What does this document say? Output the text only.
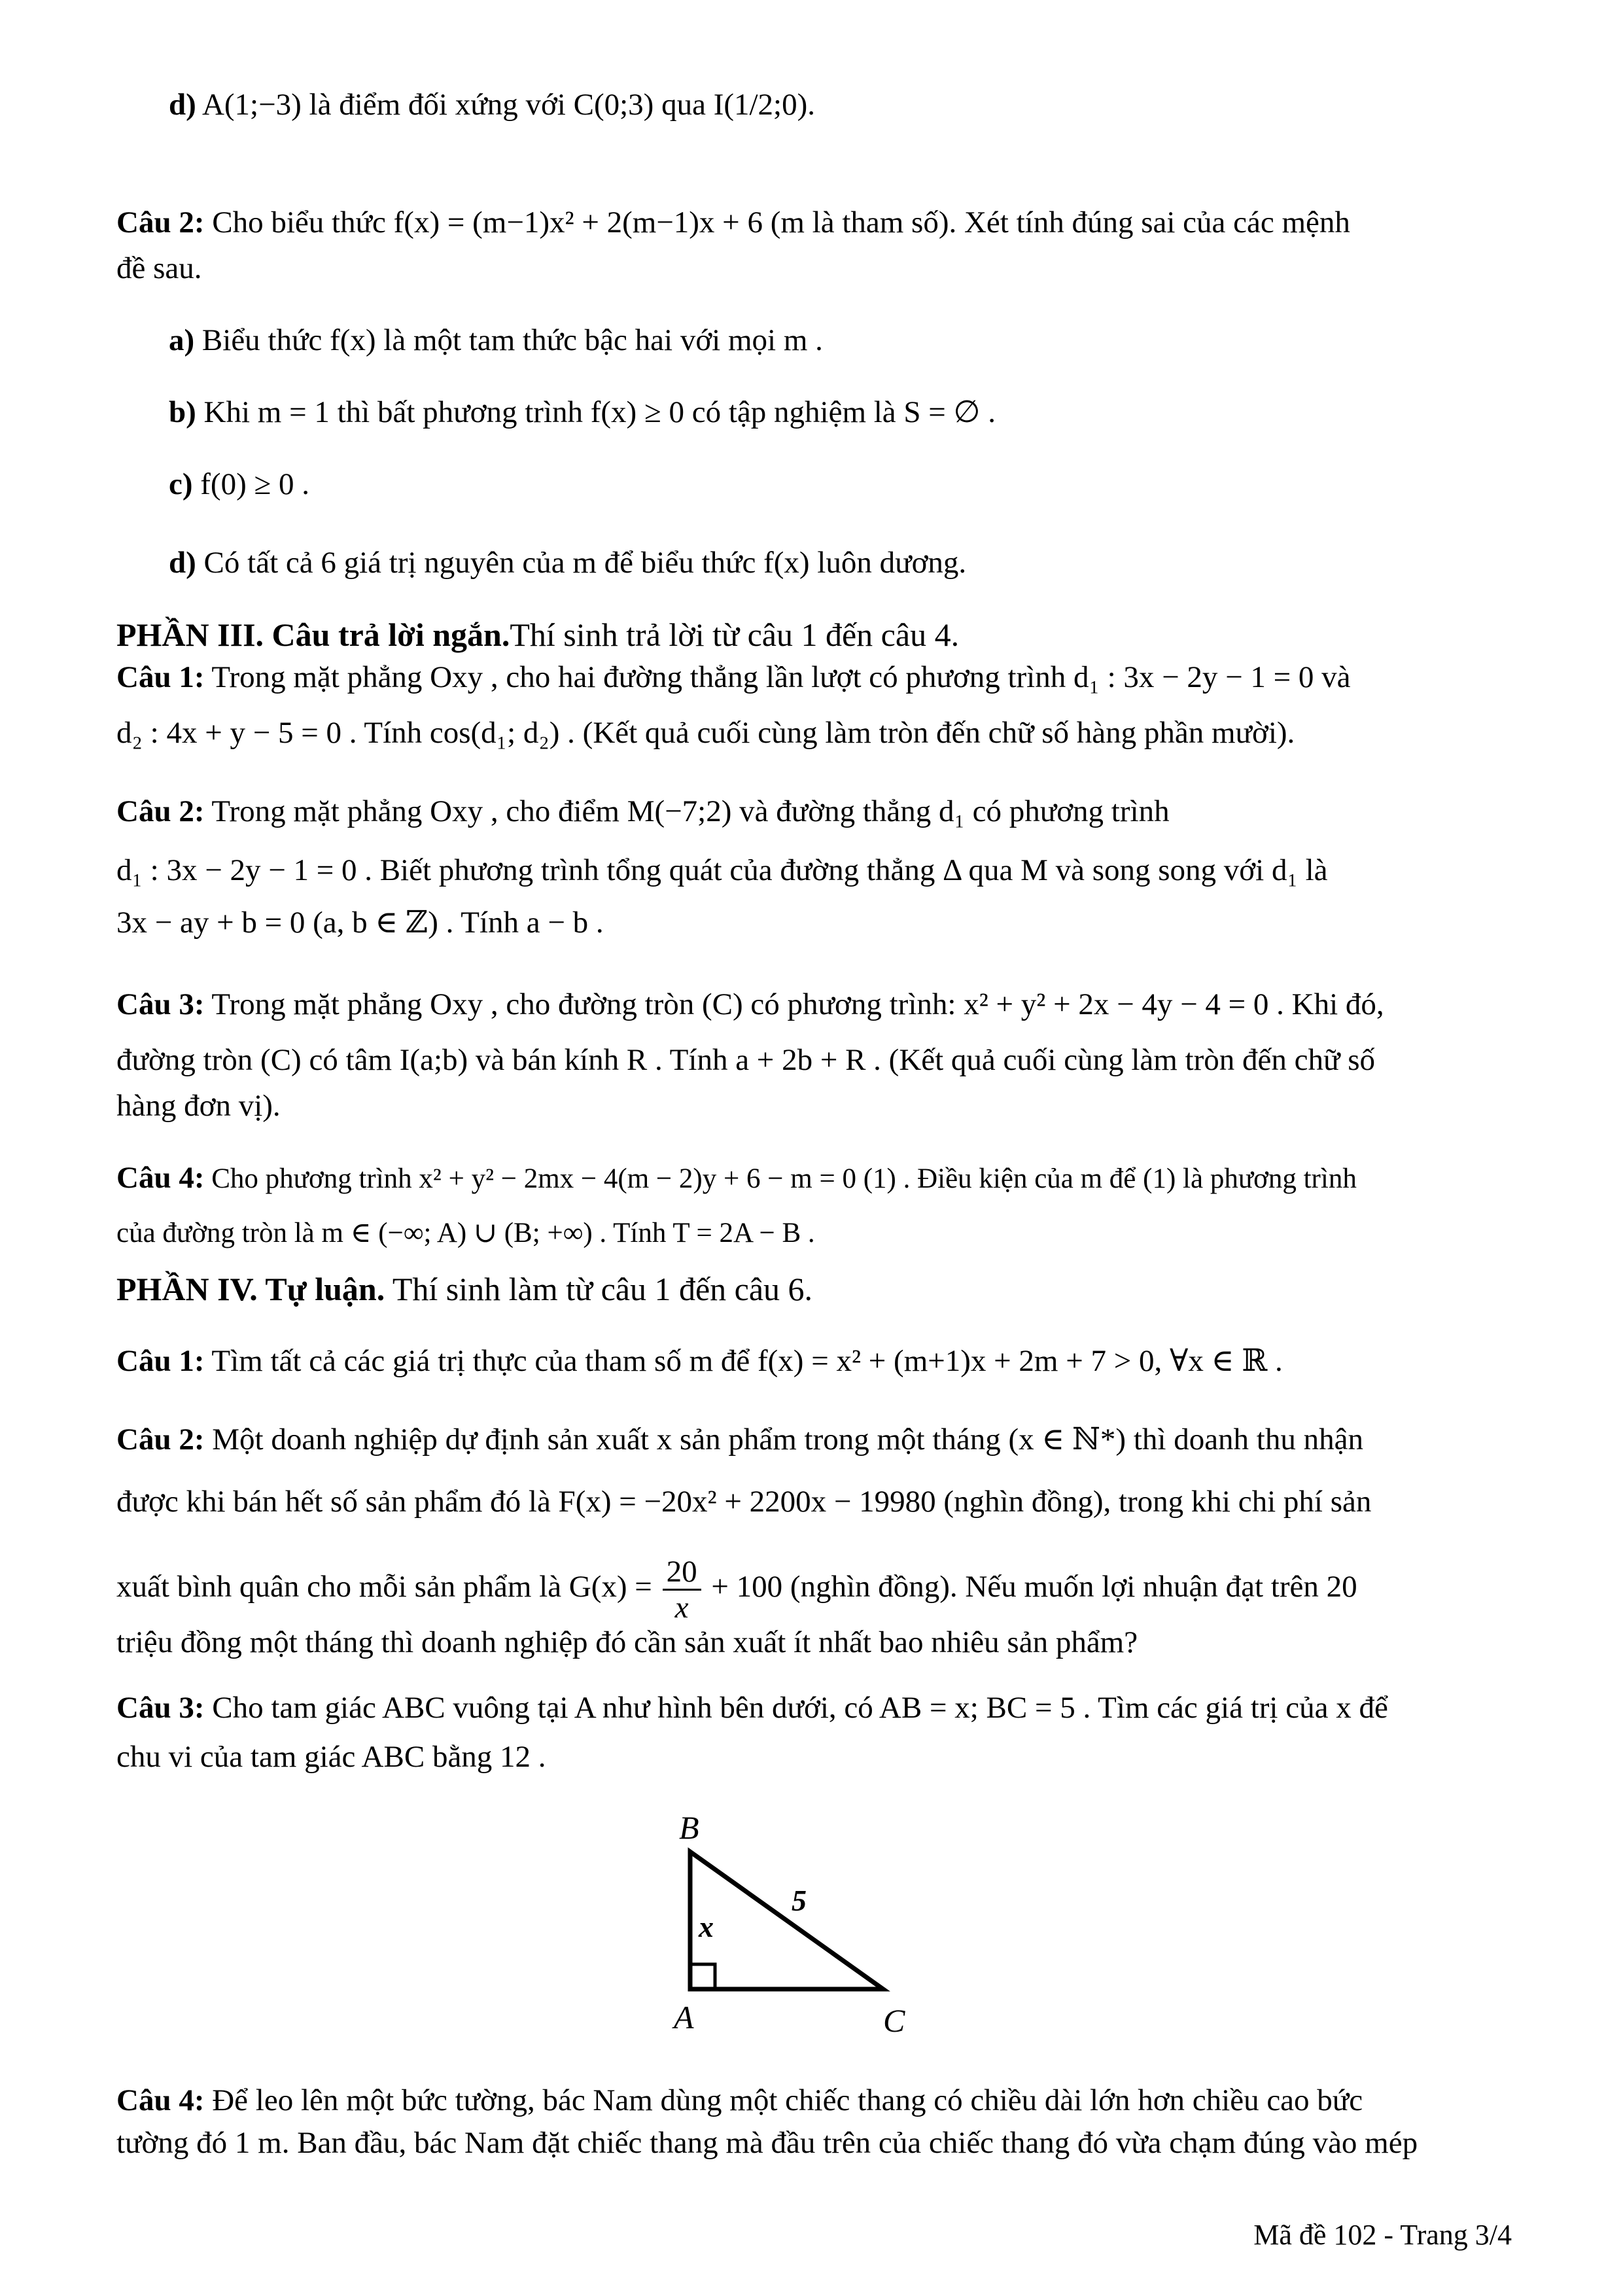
d) A(1;−3) là điểm đối xứng với C(0;3) qua I(1/2;0).
Câu 2: Cho biểu thức f(x) = (m−1)x² + 2(m−1)x + 6 (m là tham số). Xét tính đúng sai của các mệnh
đề sau.
a) Biểu thức f(x) là một tam thức bậc hai với mọi m .
b) Khi m = 1 thì bất phương trình f(x) ≥ 0 có tập nghiệm là S = ∅ .
c) f(0) ≥ 0 .
d) Có tất cả 6 giá trị nguyên của m để biểu thức f(x) luôn dương.
PHẦN III. Câu trả lời ngắn.Thí sinh trả lời từ câu 1 đến câu 4.
Câu 1: Trong mặt phẳng Oxy , cho hai đường thẳng lần lượt có phương trình d₁ : 3x − 2y − 1 = 0 và
d₂ : 4x + y − 5 = 0 . Tính cos(d₁; d₂) . (Kết quả cuối cùng làm tròn đến chữ số hàng phần mười).
Câu 2: Trong mặt phẳng Oxy , cho điểm M(−7;2) và đường thẳng d₁ có phương trình
d₁ : 3x − 2y − 1 = 0 . Biết phương trình tổng quát của đường thẳng Δ qua M và song song với d₁ là
3x − ay + b = 0 (a, b ∈ ℤ) . Tính a − b .
Câu 3: Trong mặt phẳng Oxy , cho đường tròn (C) có phương trình: x² + y² + 2x − 4y − 4 = 0 . Khi đó,
đường tròn (C) có tâm I(a;b) và bán kính R . Tính a + 2b + R . (Kết quả cuối cùng làm tròn đến chữ số
hàng đơn vị).
Câu 4: Cho phương trình x² + y² − 2mx − 4(m − 2)y + 6 − m = 0 (1) . Điều kiện của m để (1) là phương trình
của đường tròn là m ∈ (−∞; A) ∪ (B; +∞) . Tính T = 2A − B .
PHẦN IV. Tự luận. Thí sinh làm từ câu 1 đến câu 6.
Câu 1: Tìm tất cả các giá trị thực của tham số m để f(x) = x² + (m+1)x + 2m + 7 > 0, ∀x ∈ ℝ .
Câu 2: Một doanh nghiệp dự định sản xuất x sản phẩm trong một tháng (x ∈ ℕ*) thì doanh thu nhận
được khi bán hết số sản phẩm đó là F(x) = −20x² + 2200x − 19980 (nghìn đồng), trong khi chi phí sản
xuất bình quân cho mỗi sản phẩm là $G(x) = \frac{20}{x} + 100$ (nghìn đồng). Nếu muốn lợi nhuận đạt trên 20
triệu đồng một tháng thì doanh nghiệp đó cần sản xuất ít nhất bao nhiêu sản phẩm?
Câu 3: Cho tam giác ABC vuông tại A như hình bên dưới, có AB = x; BC = 5 . Tìm các giá trị của x để
chu vi của tam giác ABC bằng 12 .
B
A	C
x
5
Câu 4: Để leo lên một bức tường, bác Nam dùng một chiếc thang có chiều dài lớn hơn chiều cao bức
tường đó 1 m. Ban đầu, bác Nam đặt chiếc thang mà đầu trên của chiếc thang đó vừa chạm đúng vào mép
Mã đề 102 - Trang 3/4
